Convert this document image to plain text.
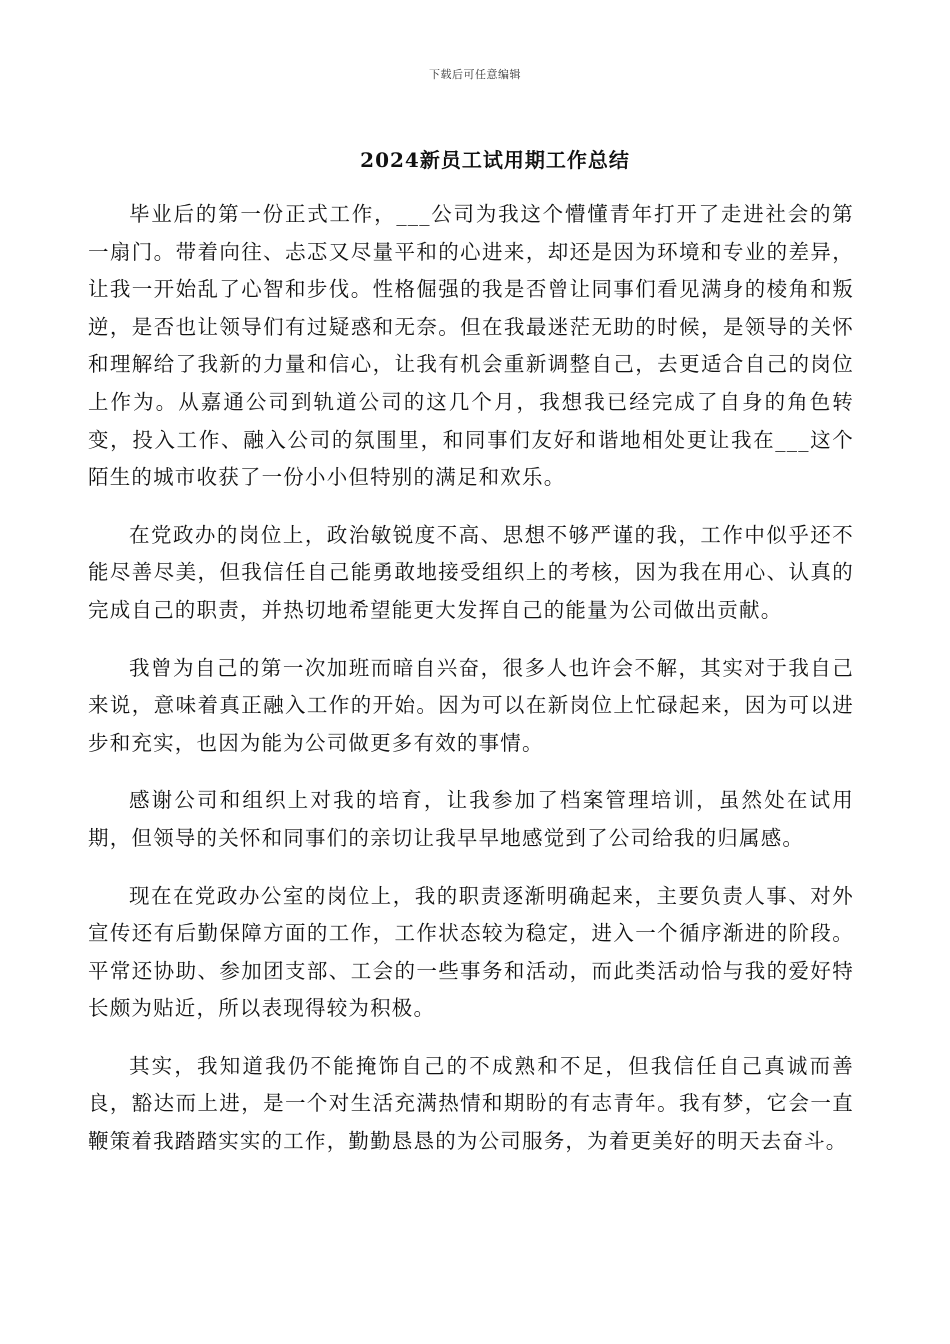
下载后可任意编辑
2024新员工试用期工作总结

毕业后的第一份正式工作，___公司为我这个懵懂青年打开了走进社会的第一扇门。带着向往、忐忑又尽量平和的心进来，却还是因为环境和专业的差异，让我一开始乱了心智和步伐。性格倔强的我是否曾让同事们看见满身的棱角和叛逆，是否也让领导们有过疑惑和无奈。但在我最迷茫无助的时候，是领导的关怀和理解给了我新的力量和信心，让我有机会重新调整自己，去更适合自己的岗位上作为。从嘉通公司到轨道公司的这几个月，我想我已经完成了自身的角色转变，投入工作、融入公司的氛围里，和同事们友好和谐地相处更让我在___这个陌生的城市收获了一份小小但特别的满足和欢乐。

在党政办的岗位上，政治敏锐度不高、思想不够严谨的我，工作中似乎还不能尽善尽美，但我信任自己能勇敢地接受组织上的考核，因为我在用心、认真的完成自己的职责，并热切地希望能更大发挥自己的能量为公司做出贡献。

我曾为自己的第一次加班而暗自兴奋，很多人也许会不解，其实对于我自己来说，意味着真正融入工作的开始。因为可以在新岗位上忙碌起来，因为可以进步和充实，也因为能为公司做更多有效的事情。

感谢公司和组织上对我的培育，让我参加了档案管理培训，虽然处在试用期，但领导的关怀和同事们的亲切让我早早地感觉到了公司给我的归属感。

现在在党政办公室的岗位上，我的职责逐渐明确起来，主要负责人事、对外宣传还有后勤保障方面的工作，工作状态较为稳定，进入一个循序渐进的阶段。平常还协助、参加团支部、工会的一些事务和活动，而此类活动恰与我的爱好特长颇为贴近，所以表现得较为积极。

其实，我知道我仍不能掩饰自己的不成熟和不足，但我信任自己真诚而善良，豁达而上进，是一个对生活充满热情和期盼的有志青年。我有梦，它会一直鞭策着我踏踏实实的工作，勤勤恳恳的为公司服务，为着更美好的明天去奋斗。
